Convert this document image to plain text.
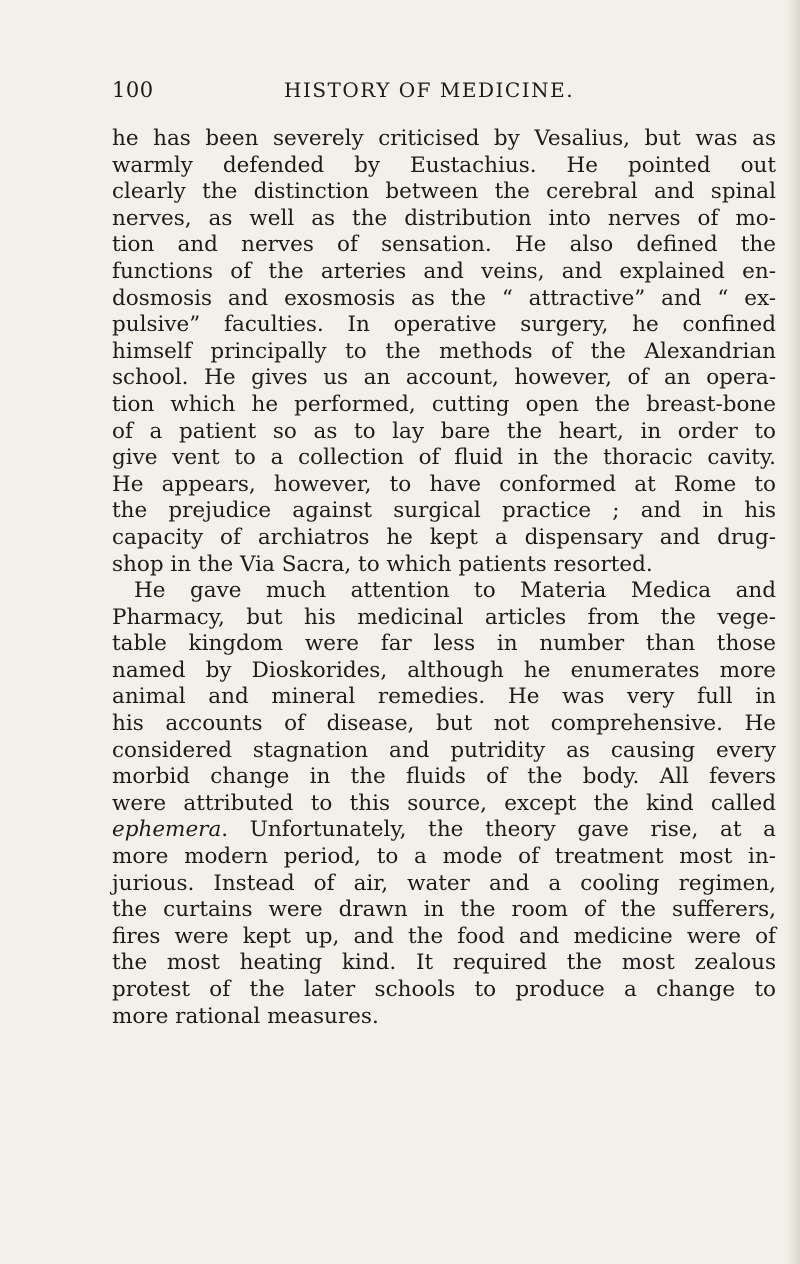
100	HISTORY OF MEDICINE.
he has been severely criticised by Vesalius, but was as
warmly defended by Eustachius. He pointed out
clearly the distinction between the cerebral and spinal
nerves, as well as the distribution into nerves of mo-
tion and nerves of sensation. He also defined the
functions of the arteries and veins, and explained en-
dosmosis and exosmosis as the “ attractive” and “ ex-
pulsive” faculties. In operative surgery, he confined
himself principally to the methods of the Alexandrian
school. He gives us an account, however, of an opera-
tion which he performed, cutting open the breast-bone
of a patient so as to lay bare the heart, in order to
give vent to a collection of fluid in the thoracic cavity.
He appears, however, to have conformed at Rome to
the prejudice against surgical practice ; and in his
capacity of archiatros he kept a dispensary and drug-
shop in the Via Sacra, to which patients resorted.
He gave much attention to Materia Medica and
Pharmacy, but his medicinal articles from the vege-
table kingdom were far less in number than those
named by Dioskorides, although he enumerates more
animal and mineral remedies. He was very full in
his accounts of disease, but not comprehensive. He
considered stagnation and putridity as causing every
morbid change in the fluids of the body. All fevers
were attributed to this source, except the kind called
ephemera. Unfortunately, the theory gave rise, at a
more modern period, to a mode of treatment most in-
jurious. Instead of air, water and a cooling regimen,
the curtains were drawn in the room of the sufferers,
fires were kept up, and the food and medicine were of
the most heating kind. It required the most zealous
protest of the later schools to produce a change to
more rational measures.
